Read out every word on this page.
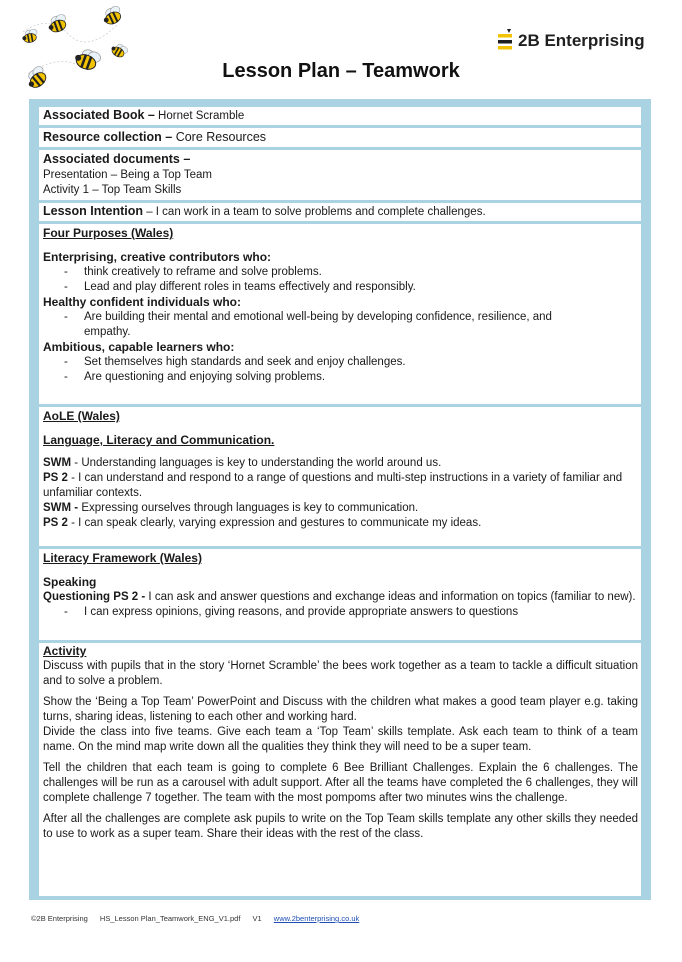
2B Enterprising
Lesson Plan – Teamwork
Associated Book – Hornet Scramble
Resource collection – Core Resources
Associated documents –
Presentation – Being a Top Team
Activity 1 – Top Team Skills
Lesson Intention – I can work in a team to solve problems and complete challenges.
Four Purposes (Wales)
Enterprising, creative contributors who:
- think creatively to reframe and solve problems.
- Lead and play different roles in teams effectively and responsibly.
Healthy confident individuals who:
- Are building their mental and emotional well-being by developing confidence, resilience, and empathy.
Ambitious, capable learners who:
- Set themselves high standards and seek and enjoy challenges.
- Are questioning and enjoying solving problems.
AoLE (Wales)
Language, Literacy and Communication.

SWM - Understanding languages is key to understanding the world around us.

PS 2 - I can understand and respond to a range of questions and multi-step instructions in a variety of familiar and unfamiliar contexts.

SWM - Expressing ourselves through languages is key to communication.

PS 2 - I can speak clearly, varying expression and gestures to communicate my ideas.

Literacy Framework (Wales)
Speaking

Questioning PS 2 - I can ask and answer questions and exchange ideas and information on topics (familiar to new).

- I can express opinions, giving reasons, and provide appropriate answers to questions
Activity

Discuss with pupils that in the story ‘Hornet Scramble’ the bees work together as a team to tackle a difficult situation and to solve a problem.

Show the ‘Being a Top Team’ PowerPoint and Discuss with the children what makes a good team player e.g. taking turns, sharing ideas, listening to each other and working hard.

Divide the class into five teams. Give each team a ‘Top Team’ skills template. Ask each team to think of a team name. On the mind map write down all the qualities they think they will need to be a super team.

Tell the children that each team is going to complete 6 Bee Brilliant Challenges. Explain the 6 challenges. The challenges will be run as a carousel with adult support. After all the teams have completed the 6 challenges, they will complete challenge 7 together. The team with the most pompoms after two minutes wins the challenge.

After all the challenges are complete ask pupils to write on the Top Team skills template any other skills they needed to use to work as a super team. Share their ideas with the rest of the class.

©2B Enterprising HS_Lesson Plan_Teamwork_ENG_V1.pdf V1 www.2benterprising.co.uk
